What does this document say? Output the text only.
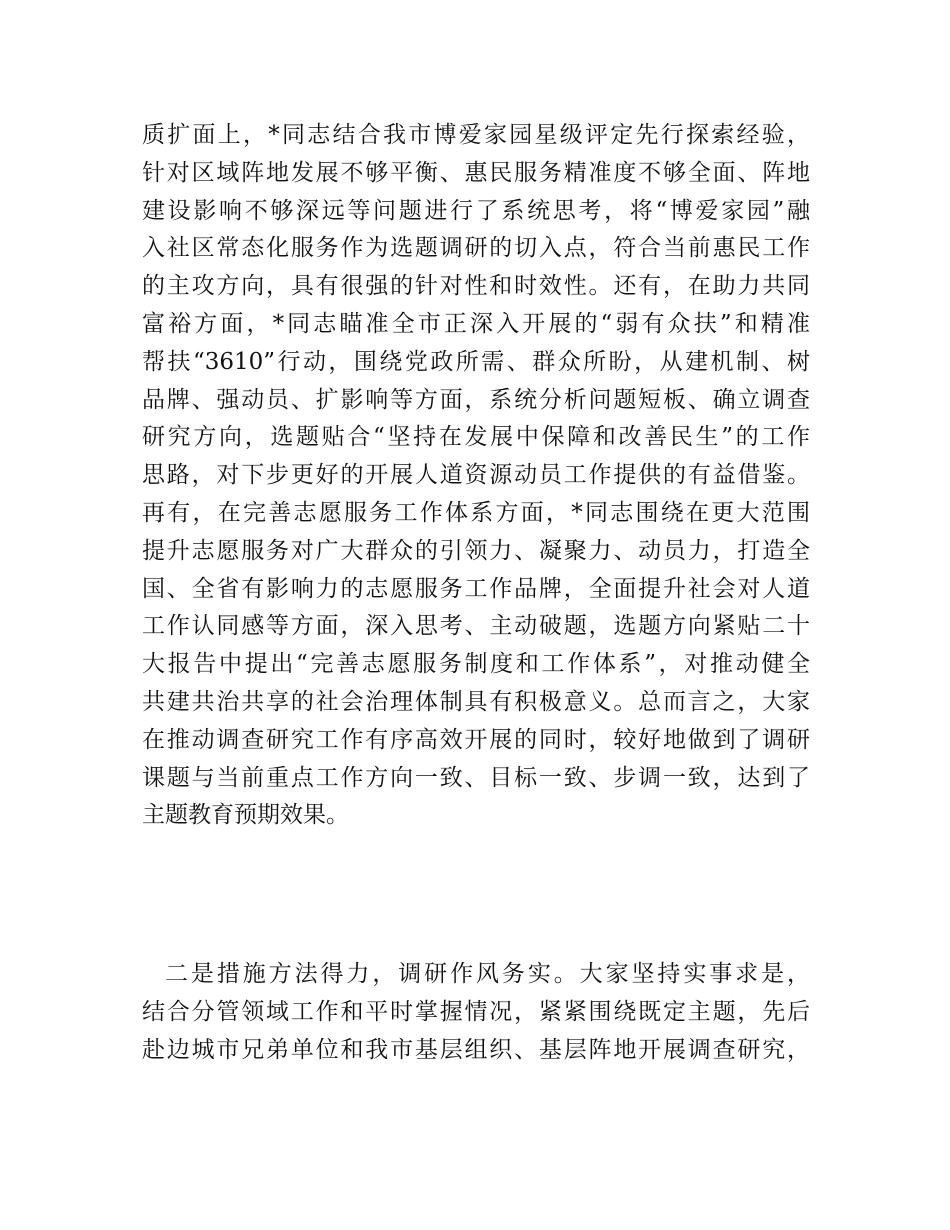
质扩面上，*同志结合我市博爱家园星级评定先行探索经验，
针对区域阵地发展不够平衡、惠民服务精准度不够全面、阵地
建设影响不够深远等问题进行了系统思考，将“博爱家园”融
入社区常态化服务作为选题调研的切入点，符合当前惠民工作
的主攻方向，具有很强的针对性和时效性。还有，在助力共同
富裕方面，*同志瞄准全市正深入开展的“弱有众扶”和精准
帮扶“3610”行动，围绕党政所需、群众所盼，从建机制、树
品牌、强动员、扩影响等方面，系统分析问题短板、确立调查
研究方向，选题贴合“坚持在发展中保障和改善民生”的工作
思路，对下步更好的开展人道资源动员工作提供的有益借鉴。
再有，在完善志愿服务工作体系方面，*同志围绕在更大范围
提升志愿服务对广大群众的引领力、凝聚力、动员力，打造全
国、全省有影响力的志愿服务工作品牌，全面提升社会对人道
工作认同感等方面，深入思考、主动破题，选题方向紧贴二十
大报告中提出“完善志愿服务制度和工作体系”，对推动健全
共建共治共享的社会治理体制具有积极意义。总而言之，大家
在推动调查研究工作有序高效开展的同时，较好地做到了调研
课题与当前重点工作方向一致、目标一致、步调一致，达到了
主题教育预期效果。
二是措施方法得力，调研作风务实。大家坚持实事求是，
结合分管领域工作和平时掌握情况，紧紧围绕既定主题，先后
赴边城市兄弟单位和我市基层组织、基层阵地开展调查研究，
